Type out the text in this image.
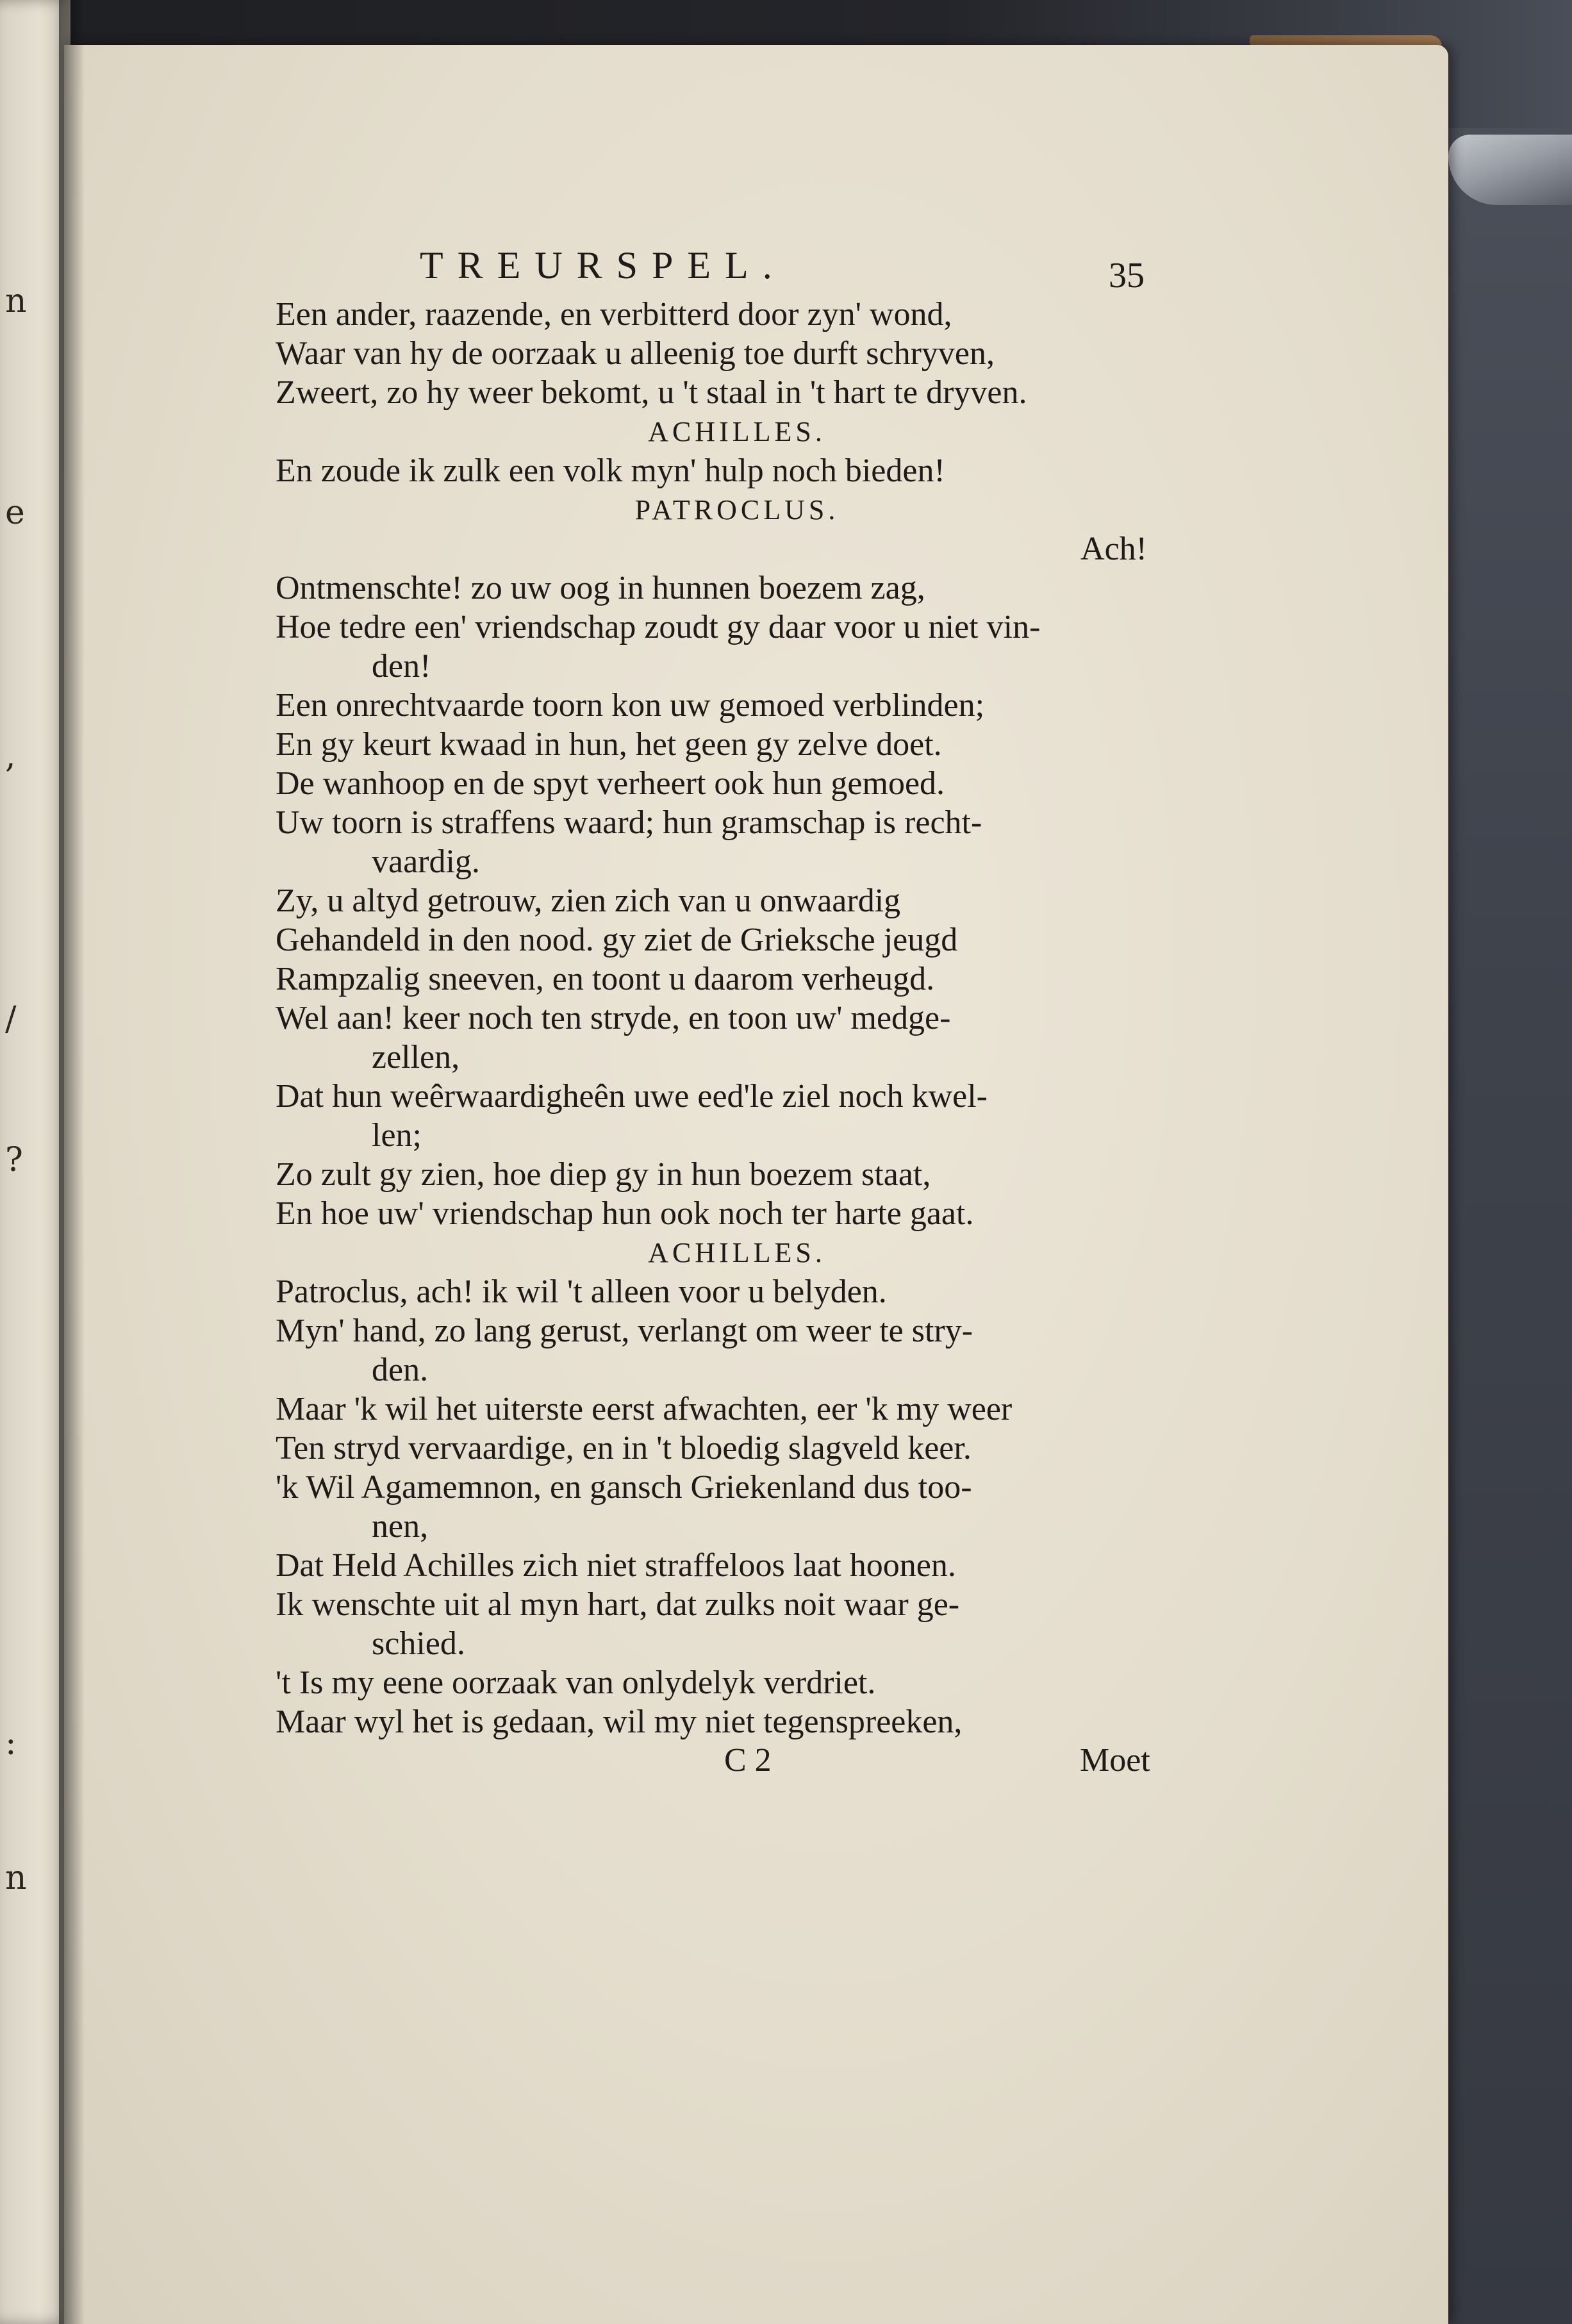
n
e
,
/
?
:
n
TREURSPEL.	35
Een ander, raazende, en verbitterd door zyn' wond,
Waar van hy de oorzaak u alleenig toe durft schryven,
Zweert, zo hy weer bekomt, u 't staal in 't hart te dryven.
ACHILLES.
En zoude ik zulk een volk myn' hulp noch bieden!
PATROCLUS.
Ach!
Ontmenschte! zo uw oog in hunnen boezem zag,
Hoe tedre een' vriendschap zoudt gy daar voor u niet vin-
den!
Een onrechtvaarde toorn kon uw gemoed verblinden;
En gy keurt kwaad in hun, het geen gy zelve doet.
De wanhoop en de spyt verheert ook hun gemoed.
Uw toorn is straffens waard; hun gramschap is recht-
vaardig.
Zy, u altyd getrouw, zien zich van u onwaardig
Gehandeld in den nood. gy ziet de Grieksche jeugd
Rampzalig sneeven, en toont u daarom verheugd.
Wel aan! keer noch ten stryde, en toon uw' medge-
zellen,
Dat hun weêrwaardigheên uwe eed'le ziel noch kwel-
len;
Zo zult gy zien, hoe diep gy in hun boezem staat,
En hoe uw' vriendschap hun ook noch ter harte gaat.
ACHILLES.
Patroclus, ach! ik wil 't alleen voor u belyden.
Myn' hand, zo lang gerust, verlangt om weer te stry-
den.
Maar 'k wil het uiterste eerst afwachten, eer 'k my weer
Ten stryd vervaardige, en in 't bloedig slagveld keer.
'k Wil Agamemnon, en gansch Griekenland dus too-
nen,
Dat Held Achilles zich niet straffeloos laat hoonen.
Ik wenschte uit al myn hart, dat zulks noit waar ge-
schied.
't Is my eene oorzaak van onlydelyk verdriet.
Maar wyl het is gedaan, wil my niet tegenspreeken,
C 2	Moet
